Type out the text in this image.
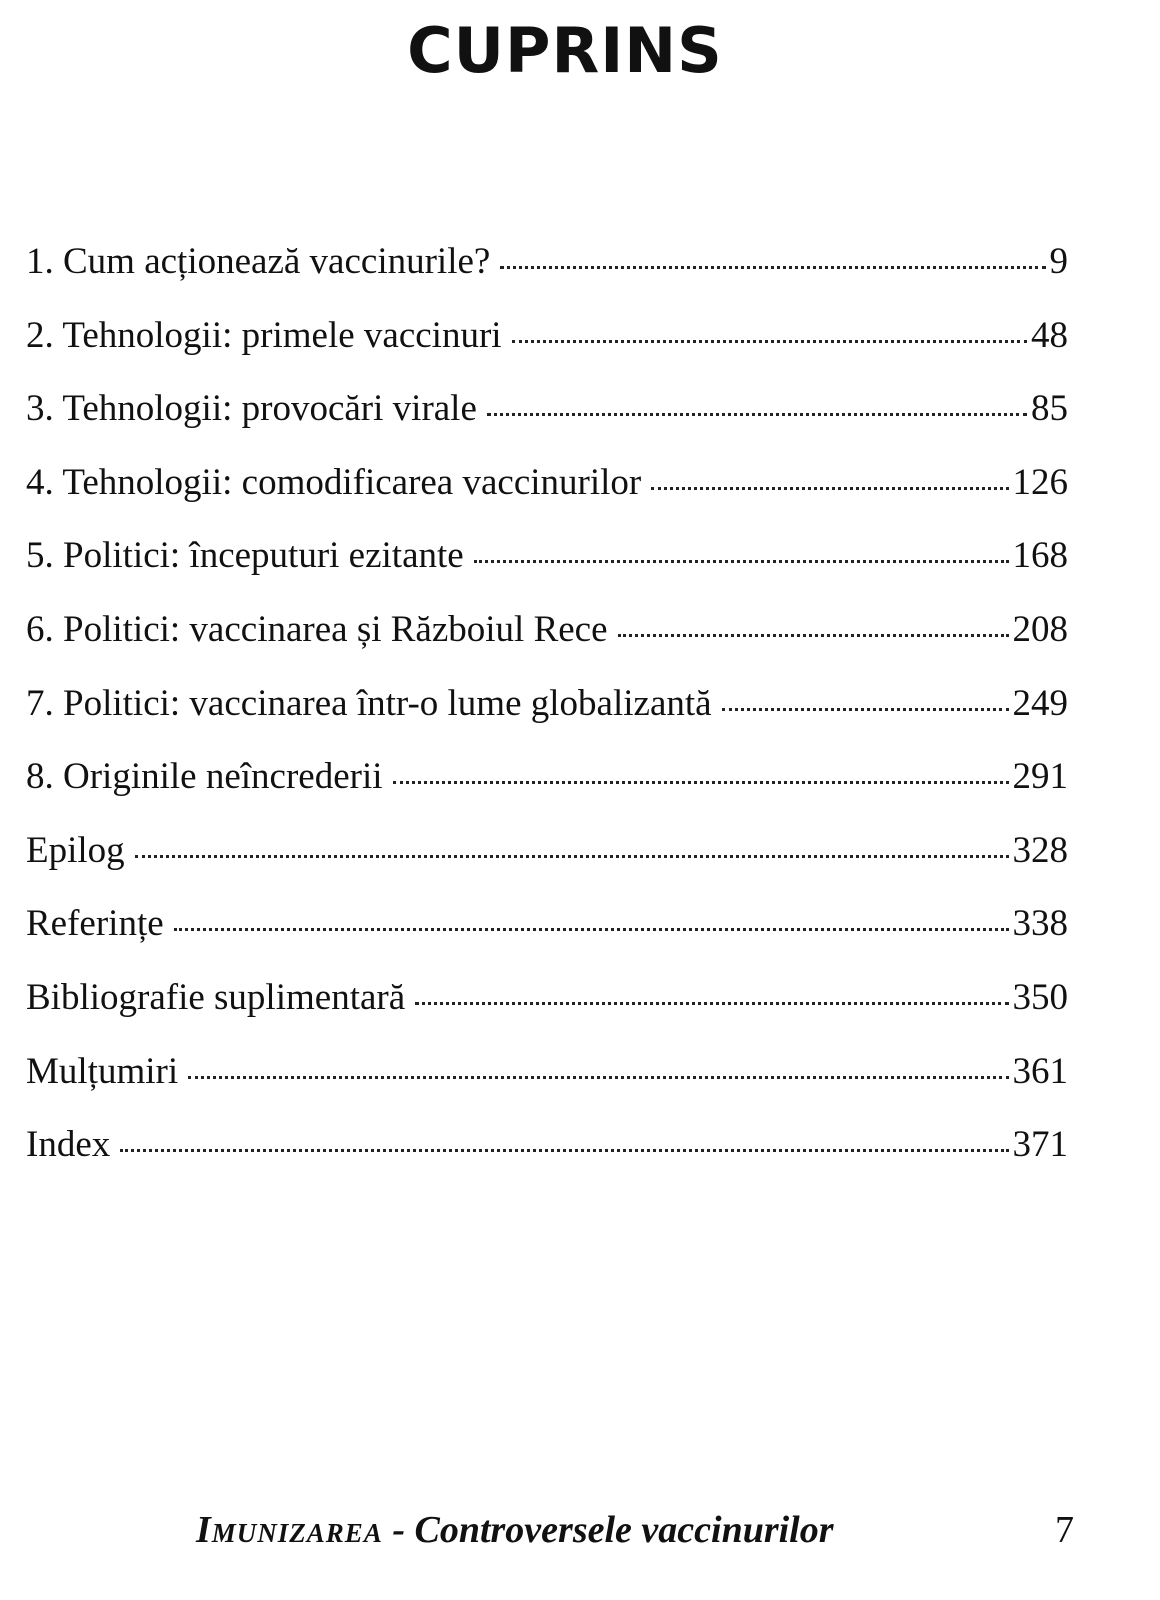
CUPRINS
1. Cum acționează vaccinurile?	9
2. Tehnologii: primele vaccinuri	48
3. Tehnologii: provocări virale	85
4. Tehnologii: comodificarea vaccinurilor	126
5. Politici: începuturi ezitante	168
6. Politici: vaccinarea și Războiul Rece	208
7. Politici: vaccinarea într-o lume globalizantă	249
8. Originile neîncrederii	291
Epilog	328
Referințe	338
Bibliografie suplimentară	350
Mulțumiri	361
Index	371
Imunizarea - Controversele vaccinurilor	7
